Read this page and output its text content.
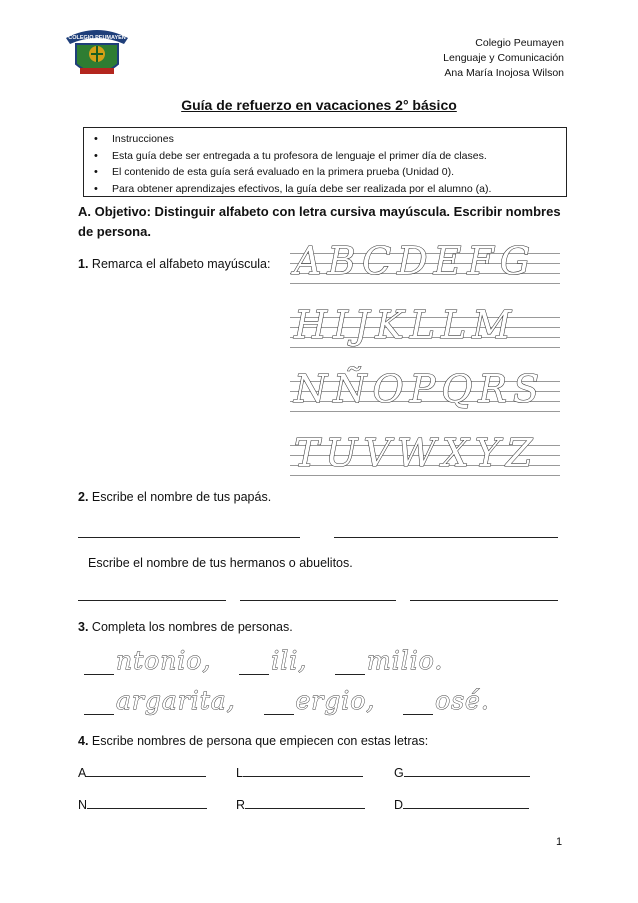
COLEGIO PEUMAYEN	Colegio Peumayen
Lenguaje y Comunicación
Ana María Inojosa Wilson
Guía de refuerzo en vacaciones 2° básico
• Instrucciones
• Esta guía debe ser entregada a tu profesora de lenguaje el primer día de clases.
• El contenido de esta guía será evaluado en la primera prueba (Unidad 0).
• Para obtener aprendizajes efectivos, la guía debe ser realizada por el alumno (a).
A. Objetivo: Distinguir alfabeto con letra cursiva mayúscula. Escribir nombres de persona.
1. Remarca el alfabeto mayúscula: ABCDEFG
HIJKLLM
NÑOPQRS
TUVWXYZ
2. Escribe el nombre de tus papás.
Escribe el nombre de tus hermanos o abuelitos.
3. Completa los nombres de personas.
ntonio, ili, milio.
argarita, ergio, osé.
4. Escribe nombres de persona que empiecen con estas letras:
A	L	G
N	R	D
1
